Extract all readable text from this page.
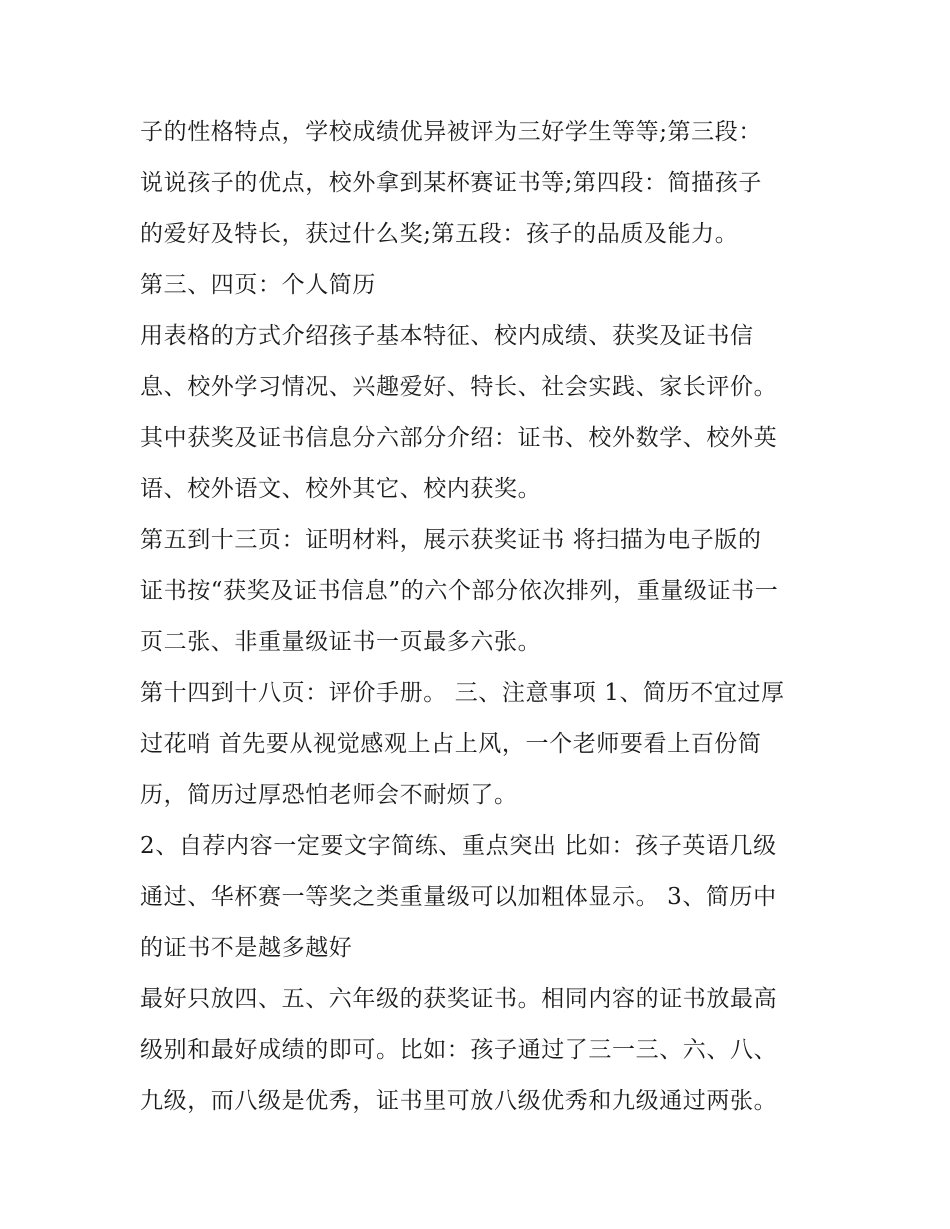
子的性格特点，学校成绩优异被评为三好学生等等;第三段：
说说孩子的优点，校外拿到某杯赛证书等;第四段：简描孩子
的爱好及特长，获过什么奖;第五段：孩子的品质及能力。
第三、四页：个人简历
用表格的方式介绍孩子基本特征、校内成绩、获奖及证书信
息、校外学习情况、兴趣爱好、特长、社会实践、家长评价。
其中获奖及证书信息分六部分介绍：证书、校外数学、校外英
语、校外语文、校外其它、校内获奖。
第五到十三页：证明材料，展示获奖证书 将扫描为电子版的
证书按“获奖及证书信息”的六个部分依次排列，重量级证书一
页二张、非重量级证书一页最多六张。
第十四到十八页：评价手册。 三、注意事项 1、简历不宜过厚
过花哨 首先要从视觉感观上占上风，一个老师要看上百份简
历，简历过厚恐怕老师会不耐烦了。
2、自荐内容一定要文字简练、重点突出 比如：孩子英语几级
通过、华杯赛一等奖之类重量级可以加粗体显示。 3、简历中
的证书不是越多越好
最好只放四、五、六年级的获奖证书。相同内容的证书放最高
级别和最好成绩的即可。比如：孩子通过了三一三、六、八、
九级，而八级是优秀，证书里可放八级优秀和九级通过两张。
